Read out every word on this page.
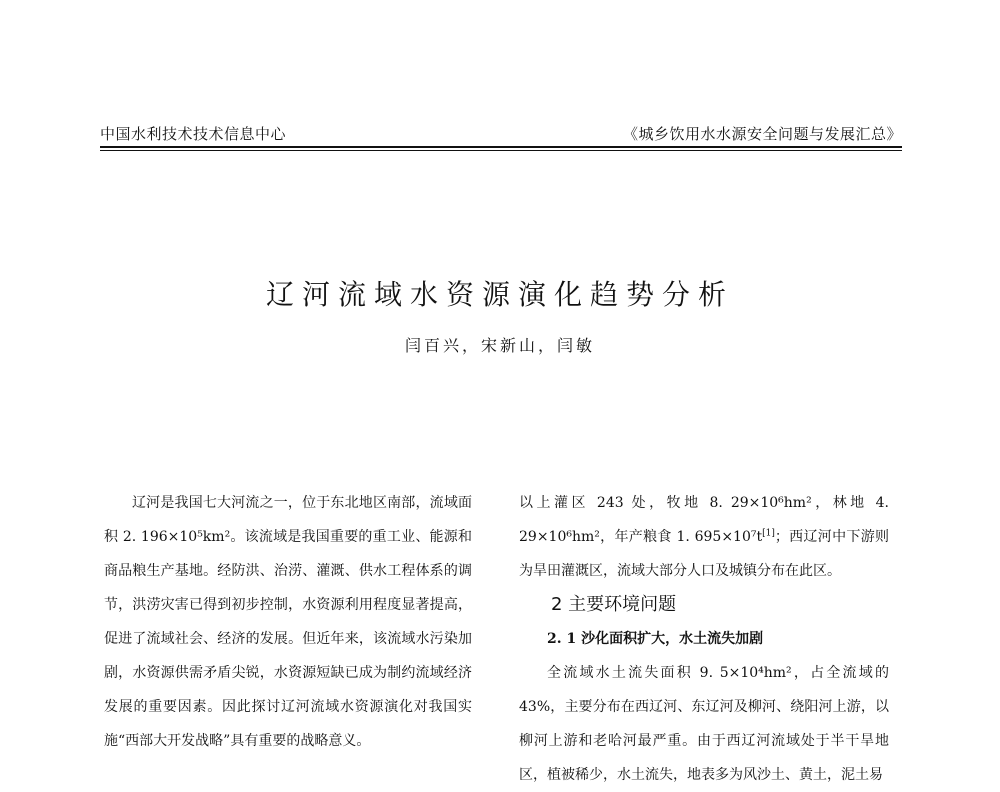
中国水利技术技术信息中心	《城乡饮用水水源安全问题与发展汇总》
辽河流域水资源演化趋势分析
闫百兴，宋新山，闫敏

辽河是我国七大河流之一，位于东北地区南部，流域面积 2. 196×10⁵km²。该流域是我国重要的重工业、能源和商品粮生产基地。经防洪、治涝、灌溉、供水工程体系的调节，洪涝灾害已得到初步控制，水资源利用程度显著提高，促进了流域社会、经济的发展。但近年来，该流域水污染加剧，水资源供需矛盾尖锐，水资源短缺已成为制约流域经济发展的重要因素。因此探讨辽河流域水资源演化对我国实施“西部大开发战略”具有重要的战略意义。

以上灌区 243 处，牧地 8. 29×10⁶hm²，林地 4. 29×10⁶hm²，年产粮食 1. 695×10⁷t[1]；西辽河中下游则为旱田灌溉区，流域大部分人口及城镇分布在此区。

2 主要环境问题
2. 1 沙化面积扩大，水土流失加剧

全流域水土流失面积 9. 5×10⁴hm²，占全流域的 43%，主要分布在西辽河、东辽河及柳河、绕阳河上游，以柳河上游和老哈河最严重。由于西辽河流域处于半干旱地区，植被稀少，水土流失，地表多为风沙土、黄土，泥土易
